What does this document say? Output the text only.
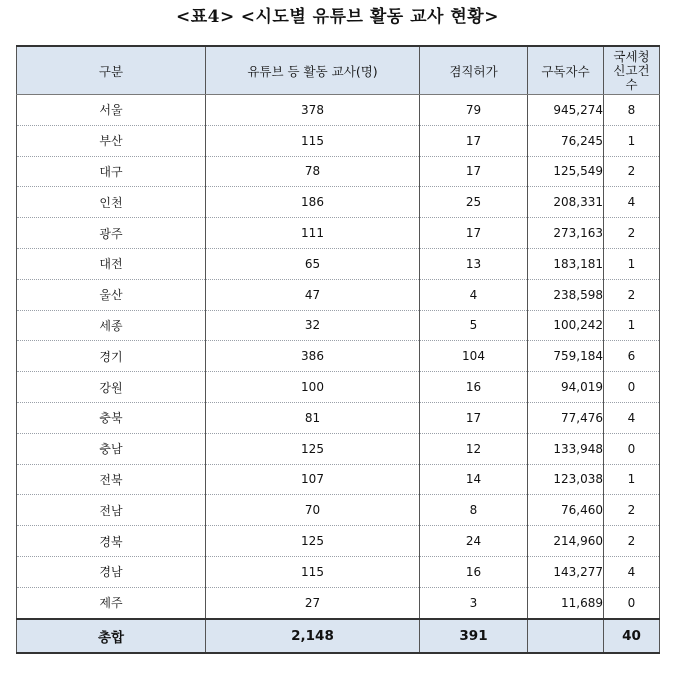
<표4> <시도별 유튜브 활동 교사 현황>
구분	유튜브 등 활동 교사(명)	겸직허가	구독자수	국세청
신고건
수
서울	378	79	945,274	8
부산	115	17	76,245	1
대구	78	17	125,549	2
인천	186	25	208,331	4
광주	111	17	273,163	2
대전	65	13	183,181	1
울산	47	4	238,598	2
세종	32	5	100,242	1
경기	386	104	759,184	6
강원	100	16	94,019	0
충북	81	17	77,476	4
충남	125	12	133,948	0
전북	107	14	123,038	1
전남	70	8	76,460	2
경북	125	24	214,960	2
경남	115	16	143,277	4
제주	27	3	11,689	0
총합	2,148	391		40
